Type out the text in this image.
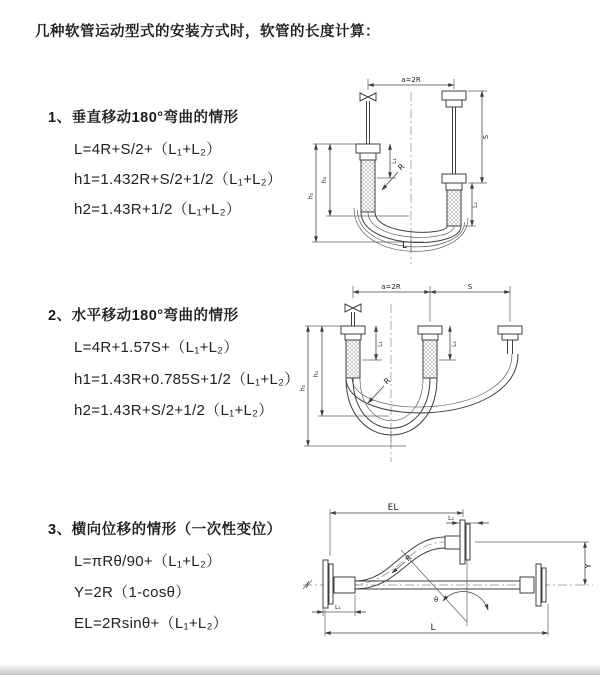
几种软管运动型式的安装方式时，软管的长度计算：
1、垂直移动180°弯曲的情形
L=4R+S/2+（L₁+L₂）
h1=1.432R+S/2+1/2（L₁+L₂）
h2=1.43R+1/2（L₁+L₂）
a=2R
S
L₂
L₁
h₁
h₂
R
L
2、水平移动180°弯曲的情形
L=4R+1.57S+（L₁+L₂）
h1=1.43R+0.785S+1/2（L₁+L₂）
h2=1.43R+S/2+1/2（L₁+L₂）
a=2R	S
L₁	L₂
h₁
h₂
R
3、横向位移的情形（一次性变位）
L=πRθ/90+（L₁+L₂）
Y=2R（1-cosθ）
EL=2Rsinθ+（L₁+L₂）
EL
L₂
Y
R
θ
L₁
L
